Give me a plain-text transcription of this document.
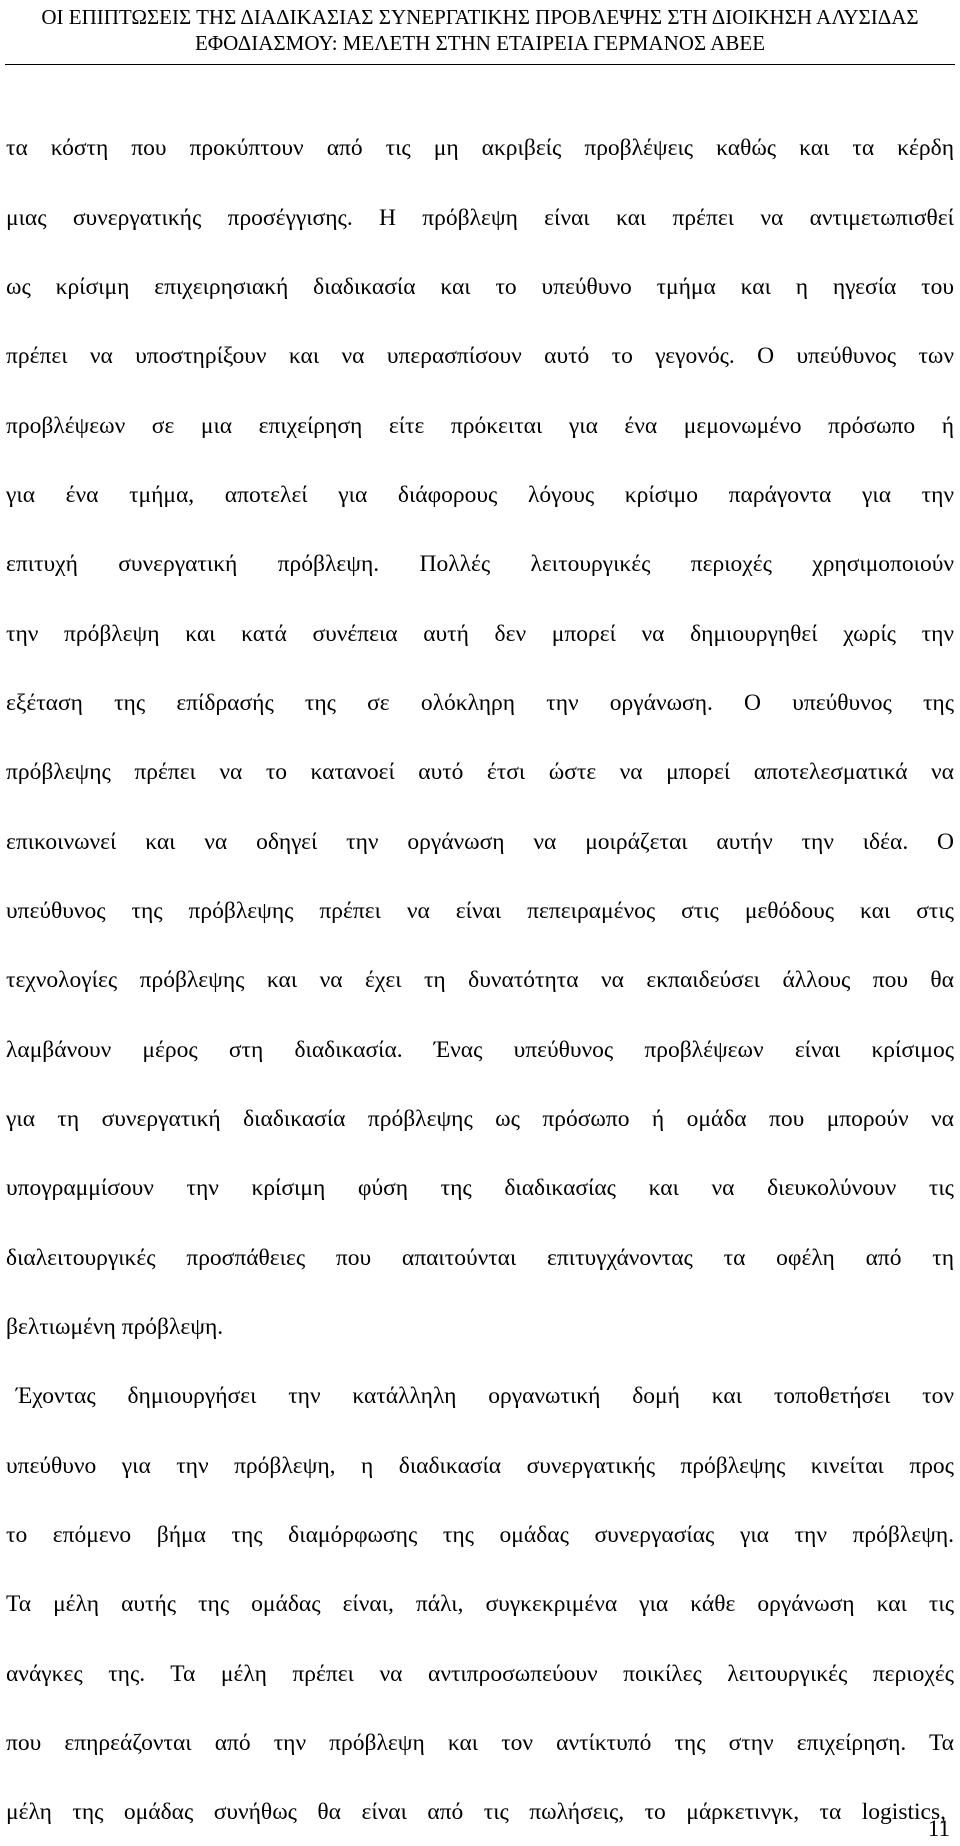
ΟΙ ΕΠΙΠΤΩΣΕΙΣ ΤΗΣ ΔΙΑΔΙΚΑΣΙΑΣ ΣΥΝΕΡΓΑΤΙΚΗΣ ΠΡΟΒΛΕΨΗΣ ΣΤΗ ΔΙΟΙΚΗΣΗ ΑΛΥΣΙΔΑΣ
ΕΦΟΔΙΑΣΜΟΥ: ΜΕΛΕΤΗ ΣΤΗΝ ΕΤΑΙΡΕΙΑ ΓΕΡΜΑΝΟΣ ΑΒΕΕ
τα κόστη που προκύπτουν από τις μη ακριβείς προβλέψεις καθώς και τα κέρδη
μιας συνεργατικής προσέγγισης. Η πρόβλεψη είναι και πρέπει να αντιμετωπισθεί
ως κρίσιμη επιχειρησιακή διαδικασία και το υπεύθυνο τμήμα και η ηγεσία του
πρέπει να υποστηρίξουν και να υπερασπίσουν αυτό το γεγονός. Ο υπεύθυνος των
προβλέψεων σε μια επιχείρηση είτε πρόκειται για ένα μεμονωμένο πρόσωπο ή
για ένα τμήμα, αποτελεί για διάφορους λόγους κρίσιμο παράγοντα για την
επιτυχή συνεργατική πρόβλεψη. Πολλές λειτουργικές περιοχές χρησιμοποιούν
την πρόβλεψη και κατά συνέπεια αυτή δεν μπορεί να δημιουργηθεί χωρίς την
εξέταση της επίδρασής της σε ολόκληρη την οργάνωση. Ο υπεύθυνος της
πρόβλεψης πρέπει να το κατανοεί αυτό έτσι ώστε να μπορεί αποτελεσματικά να
επικοινωνεί και να οδηγεί την οργάνωση να μοιράζεται αυτήν την ιδέα. Ο
υπεύθυνος της πρόβλεψης πρέπει να είναι πεπειραμένος στις μεθόδους και στις
τεχνολογίες πρόβλεψης και να έχει τη δυνατότητα να εκπαιδεύσει άλλους που θα
λαμβάνουν μέρος στη διαδικασία. Ένας υπεύθυνος προβλέψεων είναι κρίσιμος
για τη συνεργατική διαδικασία πρόβλεψης ως πρόσωπο ή ομάδα που μπορούν να
υπογραμμίσουν την κρίσιμη φύση της διαδικασίας και να διευκολύνουν τις
διαλειτουργικές προσπάθειες που απαιτούνται επιτυγχάνοντας τα οφέλη από τη
βελτιωμένη πρόβλεψη.
Έχοντας δημιουργήσει την κατάλληλη οργανωτική δομή και τοποθετήσει τον
υπεύθυνο για την πρόβλεψη, η διαδικασία συνεργατικής πρόβλεψης κινείται προς
το επόμενο βήμα της διαμόρφωσης της ομάδας συνεργασίας για την πρόβλεψη.
Τα μέλη αυτής της ομάδας είναι, πάλι, συγκεκριμένα για κάθε οργάνωση και τις
ανάγκες της. Τα μέλη πρέπει να αντιπροσωπεύουν ποικίλες λειτουργικές περιοχές
που επηρεάζονται από την πρόβλεψη και τον αντίκτυπό της στην επιχείρηση. Τα
μέλη της ομάδας συνήθως θα είναι από τις πωλήσεις, το μάρκετινγκ, τα logistics,
11
